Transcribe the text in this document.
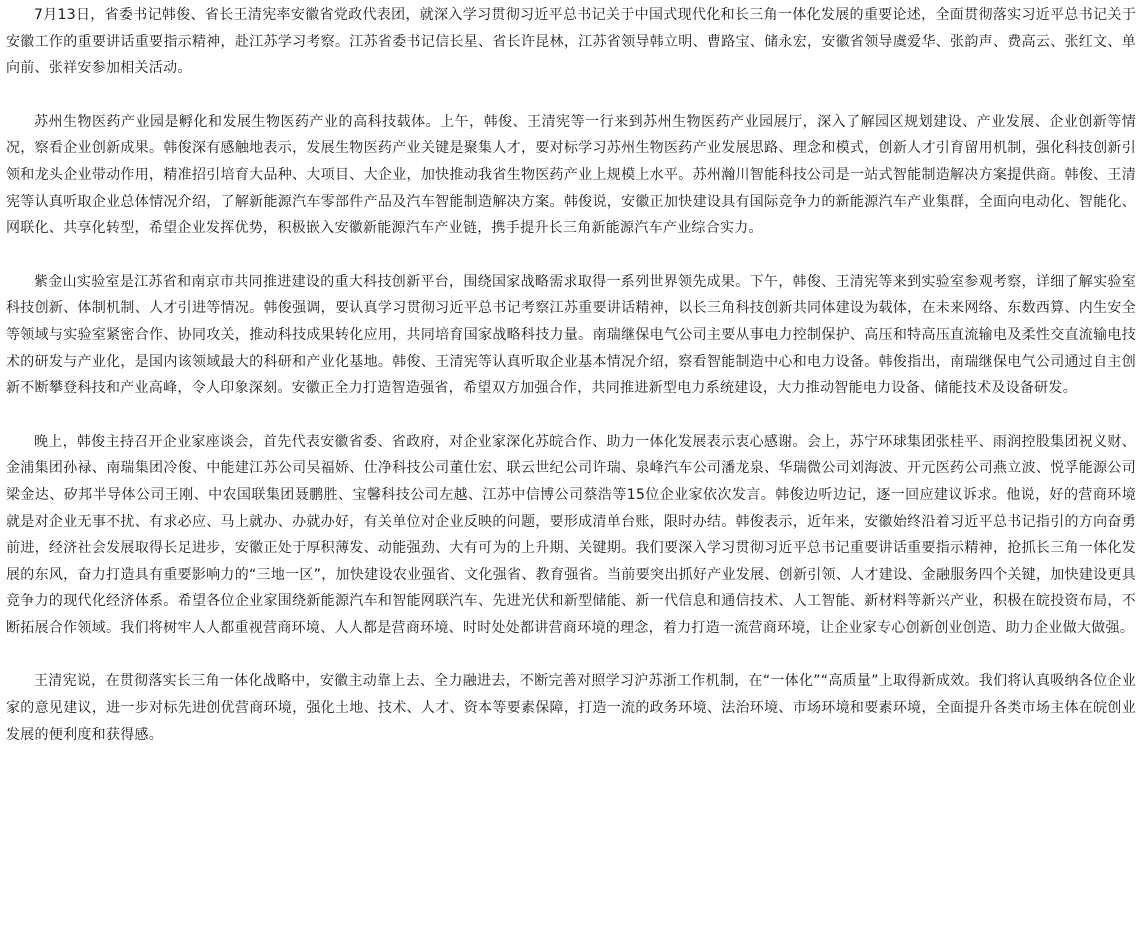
7月13日，省委书记韩俊、省长王清宪率安徽省党政代表团，就深入学习贯彻习近平总书记关于中国式现代化和长三角一体化发展的重要论述，全面贯彻落实习近平总书记关于安徽工作的重要讲话重要指示精神，赴江苏学习考察。江苏省委书记信长星、省长许昆林，江苏省领导韩立明、曹路宝、储永宏，安徽省领导虞爱华、张韵声、费高云、张红文、单向前、张祥安参加相关活动。

苏州生物医药产业园是孵化和发展生物医药产业的高科技载体。上午，韩俊、王清宪等一行来到苏州生物医药产业园展厅，深入了解园区规划建设、产业发展、企业创新等情况，察看企业创新成果。韩俊深有感触地表示，发展生物医药产业关键是聚集人才，要对标学习苏州生物医药产业发展思路、理念和模式，创新人才引育留用机制，强化科技创新引领和龙头企业带动作用，精准招引培育大品种、大项目、大企业，加快推动我省生物医药产业上规模上水平。苏州瀚川智能科技公司是一站式智能制造解决方案提供商。韩俊、王清宪等认真听取企业总体情况介绍，了解新能源汽车零部件产品及汽车智能制造解决方案。韩俊说，安徽正加快建设具有国际竞争力的新能源汽车产业集群，全面向电动化、智能化、网联化、共享化转型，希望企业发挥优势，积极嵌入安徽新能源汽车产业链，携手提升长三角新能源汽车产业综合实力。

紫金山实验室是江苏省和南京市共同推进建设的重大科技创新平台，围绕国家战略需求取得一系列世界领先成果。下午，韩俊、王清宪等来到实验室参观考察，详细了解实验室科技创新、体制机制、人才引进等情况。韩俊强调，要认真学习贯彻习近平总书记考察江苏重要讲话精神，以长三角科技创新共同体建设为载体，在未来网络、东数西算、内生安全等领域与实验室紧密合作、协同攻关，推动科技成果转化应用，共同培育国家战略科技力量。南瑞继保电气公司主要从事电力控制保护、高压和特高压直流输电及柔性交直流输电技术的研发与产业化，是国内该领域最大的科研和产业化基地。韩俊、王清宪等认真听取企业基本情况介绍，察看智能制造中心和电力设备。韩俊指出，南瑞继保电气公司通过自主创新不断攀登科技和产业高峰，令人印象深刻。安徽正全力打造智造强省，希望双方加强合作，共同推进新型电力系统建设，大力推动智能电力设备、储能技术及设备研发。

晚上，韩俊主持召开企业家座谈会，首先代表安徽省委、省政府，对企业家深化苏皖合作、助力一体化发展表示衷心感谢。会上，苏宁环球集团张桂平、雨润控股集团祝义财、金浦集团孙䘵、南瑞集团冷俊、中能建江苏公司吴福娇、仕净科技公司董仕宏、联云世纪公司许瑞、泉峰汽车公司潘龙泉、华瑞微公司刘海波、开元医药公司燕立波、悦孚能源公司梁金达、矽邦半导体公司王刚、中农国联集团聂鹏胜、宝馨科技公司左越、江苏中信博公司蔡浩等15位企业家依次发言。韩俊边听边记，逐一回应建议诉求。他说，好的营商环境就是对企业无事不扰、有求必应、马上就办、办就办好，有关单位对企业反映的问题，要形成清单台账，限时办结。韩俊表示，近年来，安徽始终沿着习近平总书记指引的方向奋勇前进，经济社会发展取得长足进步，安徽正处于厚积薄发、动能强劲、大有可为的上升期、关键期。我们要深入学习贯彻习近平总书记重要讲话重要指示精神，抢抓长三角一体化发展的东风，奋力打造具有重要影响力的“三地一区”，加快建设农业强省、文化强省、教育强省。当前要突出抓好产业发展、创新引领、人才建设、金融服务四个关键，加快建设更具竞争力的现代化经济体系。希望各位企业家围绕新能源汽车和智能网联汽车、先进光伏和新型储能、新一代信息和通信技术、人工智能、新材料等新兴产业，积极在皖投资布局，不断拓展合作领域。我们将树牢人人都重视营商环境、人人都是营商环境、时时处处都讲营商环境的理念，着力打造一流营商环境，让企业家专心创新创业创造、助力企业做大做强。

王清宪说，在贯彻落实长三角一体化战略中，安徽主动靠上去、全力融进去，不断完善对照学习沪苏浙工作机制，在“一体化”“高质量”上取得新成效。我们将认真吸纳各位企业家的意见建议，进一步对标先进创优营商环境，强化土地、技术、人才、资本等要素保障，打造一流的政务环境、法治环境、市场环境和要素环境，全面提升各类市场主体在皖创业发展的便利度和获得感。
